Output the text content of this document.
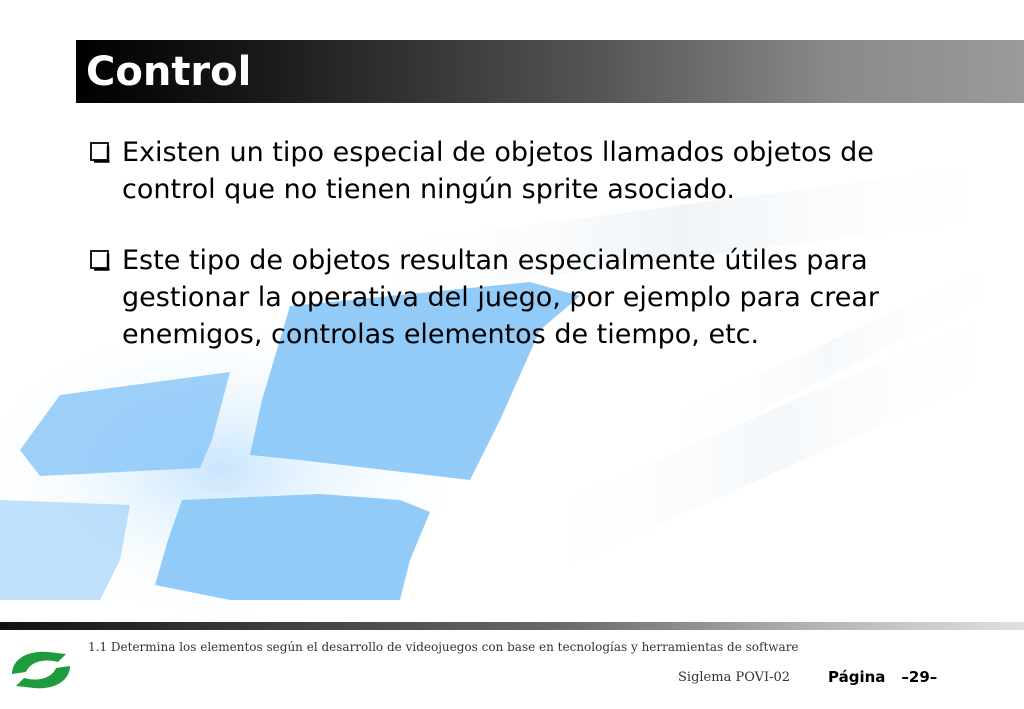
Control
Existen un tipo especial de objetos llamados objetos de control que no tienen ningún sprite asociado.
Este tipo de objetos resultan especialmente útiles para gestionar la operativa del juego, por ejemplo para crear enemigos, controlas elementos de tiempo, etc.
1.1 Determina los elementos según el desarrollo de videojuegos con base en tecnologías y herramientas de software
Siglema POVI-02	Página –29–
